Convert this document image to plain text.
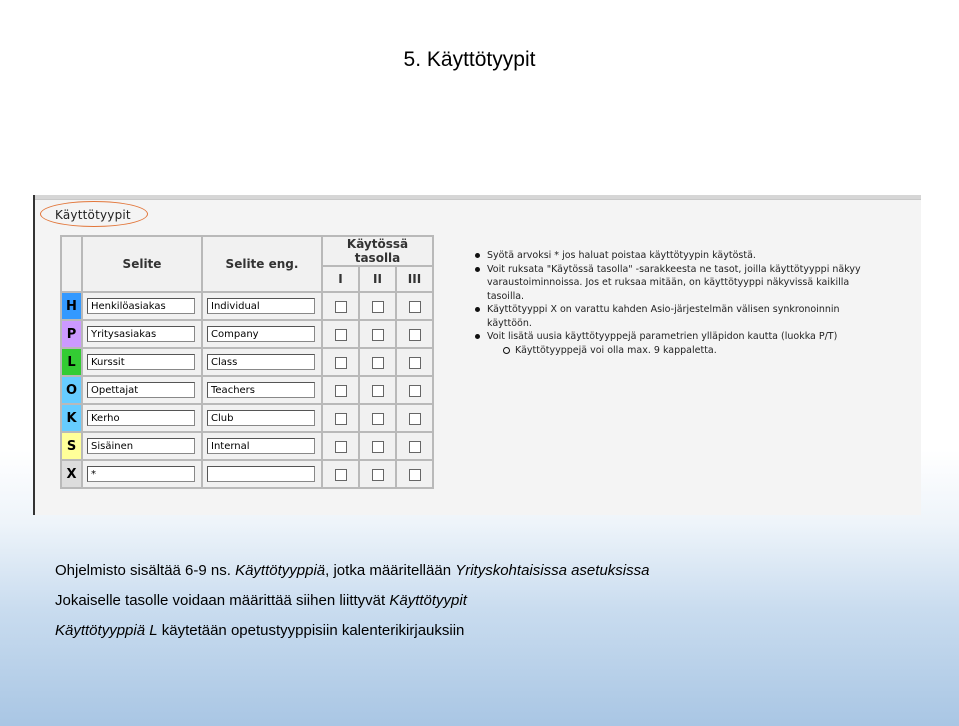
5. Käyttötyypit
Käyttötyypit
	Selite	Selite eng.	Käytössä tasolla		
			I	II	III
H	Henkilöasiakas	Individual			

P	Yritysasiakas	Company			

L	Kurssit	Class			

O	Opettajat	Teachers			

K	Kerho	Club			

S	Sisäinen	Internal			

X	*				

Syötä arvoksi * jos haluat poistaa käyttötyypin käytöstä.
Voit ruksata "Käytössä tasolla" -sarakkeesta ne tasot, joilla käyttötyyppi näkyy varaustoiminnoissa. Jos et ruksaa mitään, on käyttötyyppi näkyvissä kaikilla tasoilla.
Käyttötyyppi X on varattu kahden Asio-järjestelmän välisen synkronoinnin käyttöön.
Voit lisätä uusia käyttötyyppejä parametrien ylläpidon kautta (luokka P/T)
Käyttötyyppejä voi olla max. 9 kappaletta.
Ohjelmisto sisältää 6-9 ns. Käyttötyyppiä, jotka määritellään Yrityskohtaisissa asetuksissa
Jokaiselle tasolle voidaan määrittää siihen liittyvät Käyttötyypit
Käyttötyyppiä L käytetään opetustyyppisiin kalenterikirjauksiin
